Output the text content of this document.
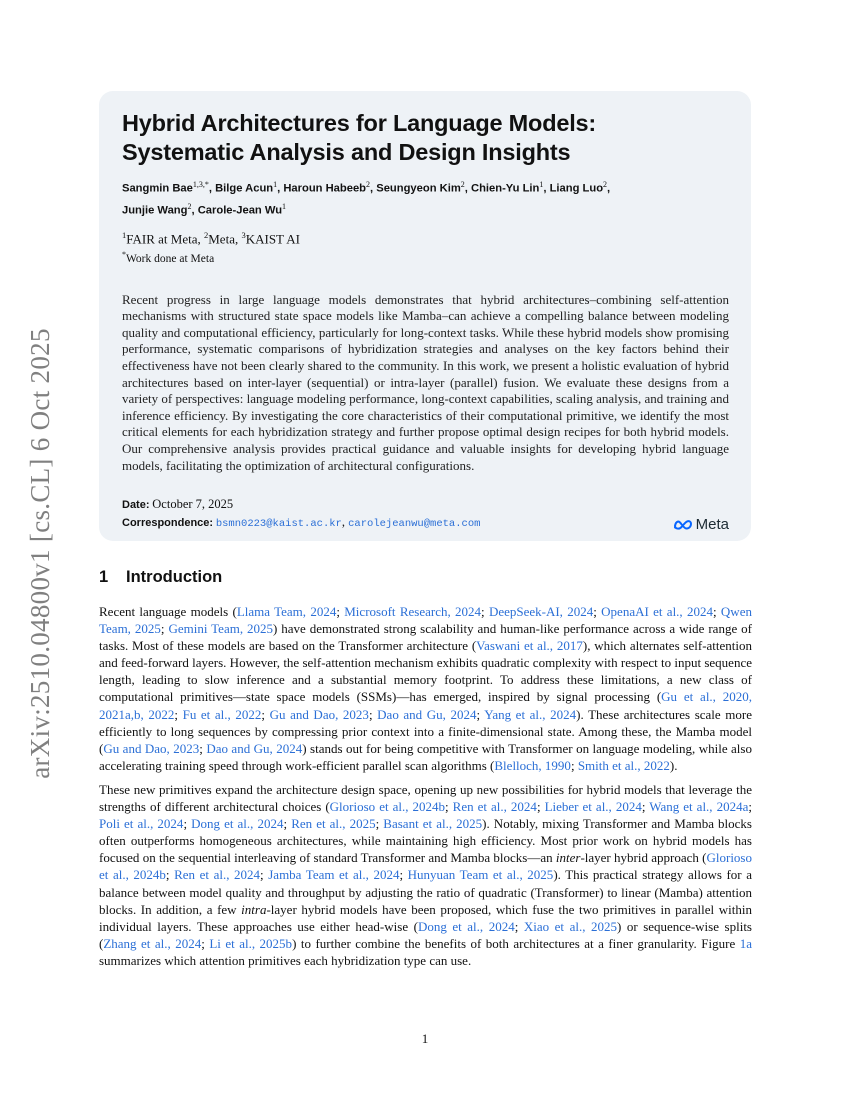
arXiv:2510.04800v1 [cs.CL] 6 Oct 2025
Hybrid Architectures for Language Models:
Systematic Analysis and Design Insights
Sangmin Bae$^{1,3,*}$, Bilge Acun$^1$, Haroun Habeeb$^2$, Seungyeon Kim$^2$, Chien-Yu Lin$^1$, Liang Luo$^2$,
Junjie Wang$^2$, Carole-Jean Wu$^1$
$^1$FAIR at Meta, $^2$Meta, $^3$KAIST AI
*Work done at Meta
Recent progress in large language models demonstrates that hybrid architectures–combining self-attention mechanisms with structured state space models like Mamba–can achieve a compelling balance between modeling quality and computational efficiency, particularly for long-context tasks. While these hybrid models show promising performance, systematic comparisons of hybridization strategies and analyses on the key factors behind their effectiveness have not been clearly shared to the community. In this work, we present a holistic evaluation of hybrid architectures based on inter-layer (sequential) or intra-layer (parallel) fusion. We evaluate these designs from a variety of perspectives: language modeling performance, long-context capabilities, scaling analysis, and training and inference efficiency. By investigating the core characteristics of their computational primitive, we identify the most critical elements for each hybridization strategy and further propose optimal design recipes for both hybrid models. Our comprehensive analysis provides practical guidance and valuable insights for developing hybrid language models, facilitating the optimization of architectural configurations.
Date: October 7, 2025
Correspondence: bsmn0223@kaist.ac.kr, carolejeanwu@meta.com	Meta
1 Introduction

Recent language models (Llama Team, 2024; Microsoft Research, 2024; DeepSeek-AI, 2024; OpenaAI et al., 2024; Qwen Team, 2025; Gemini Team, 2025) have demonstrated strong scalability and human-like performance across a wide range of tasks. Most of these models are based on the Transformer architecture (Vaswani et al., 2017), which alternates self-attention and feed-forward layers. However, the self-attention mechanism exhibits quadratic complexity with respect to input sequence length, leading to slow inference and a substantial memory footprint. To address these limitations, a new class of computational primitives—state space models (SSMs)—has emerged, inspired by signal processing (Gu et al., 2020, 2021a,b, 2022; Fu et al., 2022; Gu and Dao, 2023; Dao and Gu, 2024; Yang et al., 2024). These architectures scale more efficiently to long sequences by compressing prior context into a finite-dimensional state. Among these, the Mamba model (Gu and Dao, 2023; Dao and Gu, 2024) stands out for being competitive with Transformer on language modeling, while also accelerating training speed through work-efficient parallel scan algorithms (Blelloch, 1990; Smith et al., 2022).

These new primitives expand the architecture design space, opening up new possibilities for hybrid models that leverage the strengths of different architectural choices (Glorioso et al., 2024b; Ren et al., 2024; Lieber et al., 2024; Wang et al., 2024a; Poli et al., 2024; Dong et al., 2024; Ren et al., 2025; Basant et al., 2025). Notably, mixing Transformer and Mamba blocks often outperforms homogeneous architectures, while maintaining high efficiency. Most prior work on hybrid models has focused on the sequential interleaving of standard Transformer and Mamba blocks—an inter-layer hybrid approach (Glorioso et al., 2024b; Ren et al., 2024; Jamba Team et al., 2024; Hunyuan Team et al., 2025). This practical strategy allows for a balance between model quality and throughput by adjusting the ratio of quadratic (Transformer) to linear (Mamba) attention blocks. In addition, a few intra-layer hybrid models have been proposed, which fuse the two primitives in parallel within individual layers. These approaches use either head-wise (Dong et al., 2024; Xiao et al., 2025) or sequence-wise splits (Zhang et al., 2024; Li et al., 2025b) to further combine the benefits of both architectures at a finer granularity. Figure 1a summarizes which attention primitives each hybridization type can use.

1
